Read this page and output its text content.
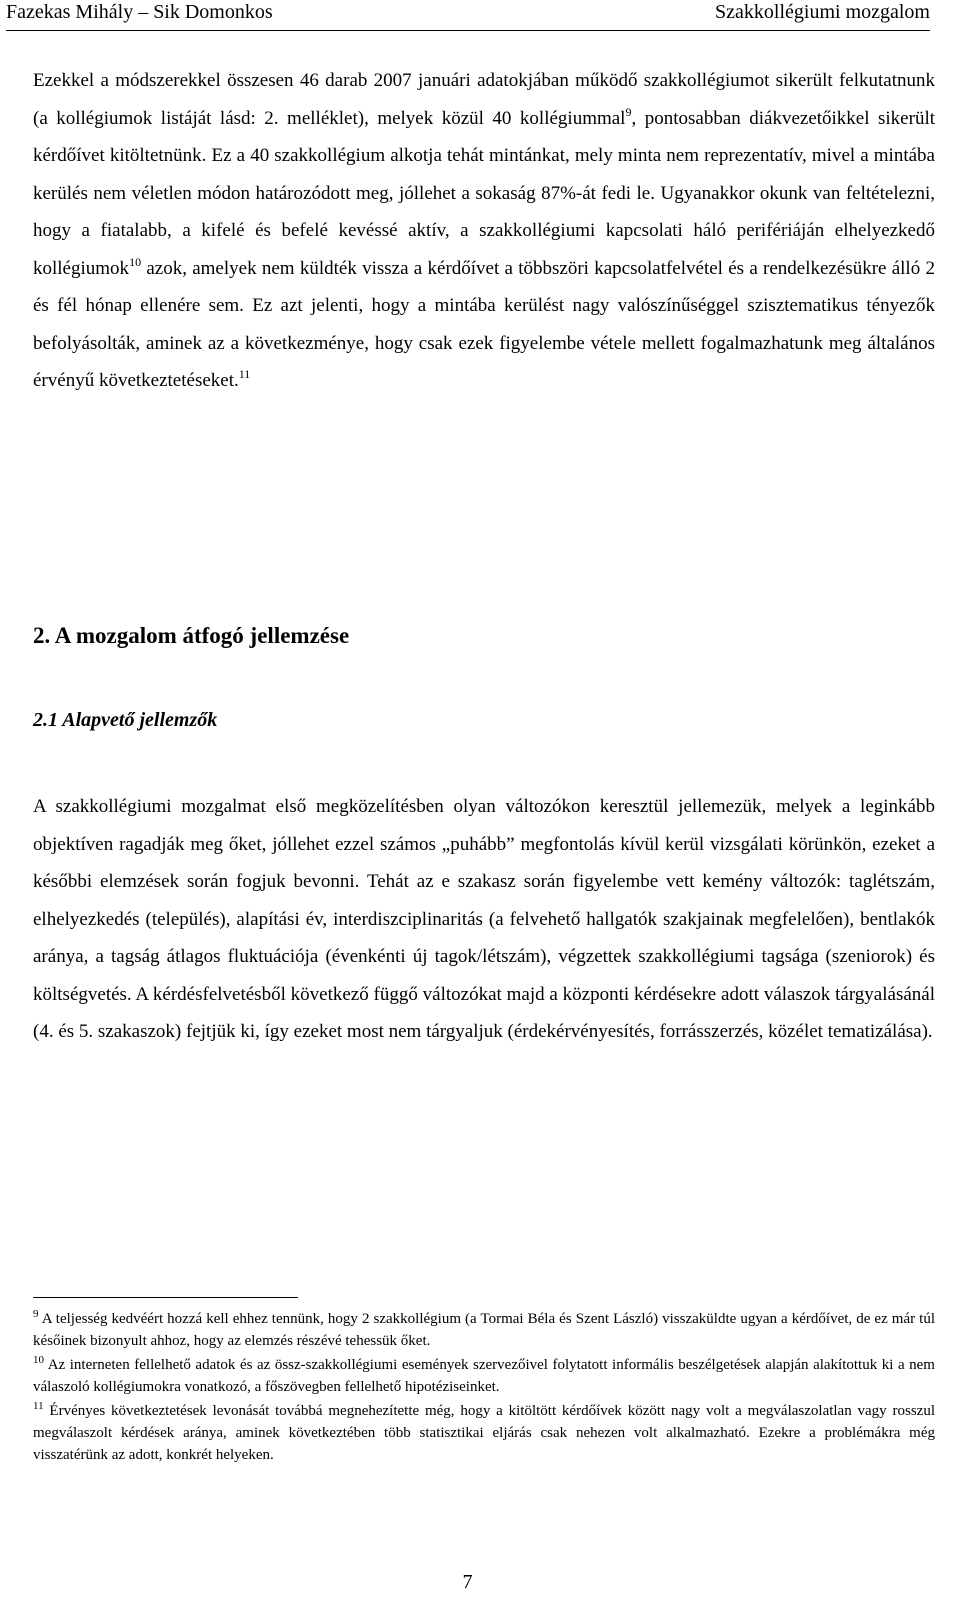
Fazekas Mihály – Sik Domonkos	Szakkollégiumi mozgalom

Ezekkel a módszerekkel összesen 46 darab 2007 januári adatokjában működő szakkollégiumot sikerült felkutatnunk (a kollégiumok listáját lásd: 2. melléklet), melyek közül 40 kollégiummal$^9$, pontosabban diákvezetőikkel sikerült kérdőívet kitöltetnünk. Ez a 40 szakkollégium alkotja tehát mintánkat, mely minta nem reprezentatív, mivel a mintába kerülés nem véletlen módon határozódott meg, jóllehet a sokaság 87%-át fedi le. Ugyanakkor okunk van feltételezni, hogy a fiatalabb, a kifelé és befelé kevéssé aktív, a szakkollégiumi kapcsolati háló perifériáján elhelyezkedő kollégiumok$^{10}$ azok, amelyek nem küldték vissza a kérdőívet a többszöri kapcsolatfelvétel és a rendelkezésükre álló 2 és fél hónap ellenére sem. Ez azt jelenti, hogy a mintába kerülést nagy valószínűséggel szisztematikus tényezők befolyásolták, aminek az a következménye, hogy csak ezek figyelembe vétele mellett fogalmazhatunk meg általános érvényű következtetéseket.$^{11}$

2. A mozgalom átfogó jellemzése
2.1 Alapvető jellemzők

A szakkollégiumi mozgalmat első megközelítésben olyan változókon keresztül jellemezük, melyek a leginkább objektíven ragadják meg őket, jóllehet ezzel számos „puhább” megfontolás kívül kerül vizsgálati körünkön, ezeket a későbbi elemzések során fogjuk bevonni. Tehát az e szakasz során figyelembe vett kemény változók: taglétszám, elhelyezkedés (település), alapítási év, interdiszciplinaritás (a felvehető hallgatók szakjainak megfelelően), bentlakók aránya, a tagság átlagos fluktuációja (évenkénti új tagok/létszám), végzettek szakkollégiumi tagsága (szeniorok) és költségvetés. A kérdésfelvetésből következő függő változókat majd a központi kérdésekre adott válaszok tárgyalásánál (4. és 5. szakaszok) fejtjük ki, így ezeket most nem tárgyaljuk (érdekérvényesítés, forrásszerzés, közélet tematizálása).

$^9$ A teljesség kedvéért hozzá kell ehhez tennünk, hogy 2 szakkollégium (a Tormai Béla és Szent László) visszaküldte ugyan a kérdőívet, de ez már túl későinek bizonyult ahhoz, hogy az elemzés részévé tehessük őket.

$^{10}$ Az interneten fellelhető adatok és az össz-szakkollégiumi események szervezőivel folytatott informális beszélgetések alapján alakítottuk ki a nem válaszoló kollégiumokra vonatkozó, a főszövegben fellelhető hipotéziseinket.

$^{11}$ Érvényes következtetések levonását továbbá megnehezítette még, hogy a kitöltött kérdőívek között nagy volt a megválaszolatlan vagy rosszul megválaszolt kérdések aránya, aminek következtében több statisztikai eljárás csak nehezen volt alkalmazható. Ezekre a problémákra még visszatérünk az adott, konkrét helyeken.

7
